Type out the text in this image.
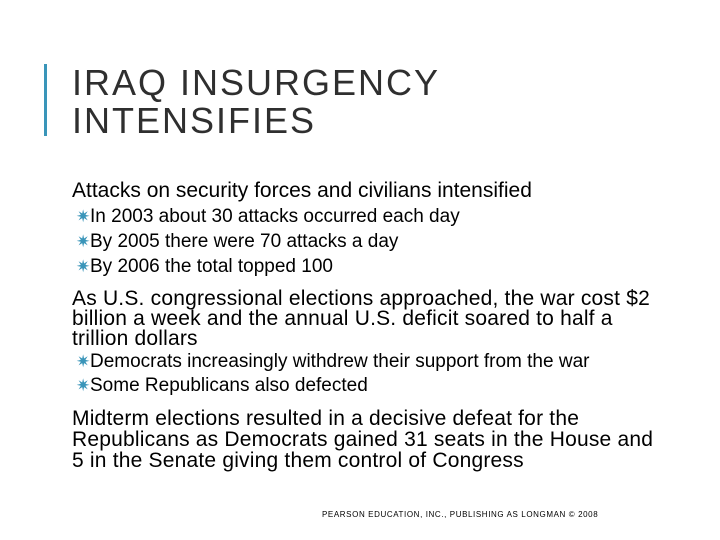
IRAQ INSURGENCY
INTENSIFIES

Attacks on security forces and civilians intensified

✷ In 2003 about 30 attacks occurred each day
✷ By 2005 there were 70 attacks a day
✷ By 2006 the total topped 100

As U.S. congressional elections approached, the war cost $2 billion a week and the annual U.S. deficit soared to half a trillion dollars

✷ Democrats increasingly withdrew their support from the war
✷ Some Republicans also defected

Midterm elections resulted in a decisive defeat for the Republicans as Democrats gained 31 seats in the House and 5 in the Senate giving them control of Congress

PEARSON EDUCATION, INC., PUBLISHING AS LONGMAN © 2008
